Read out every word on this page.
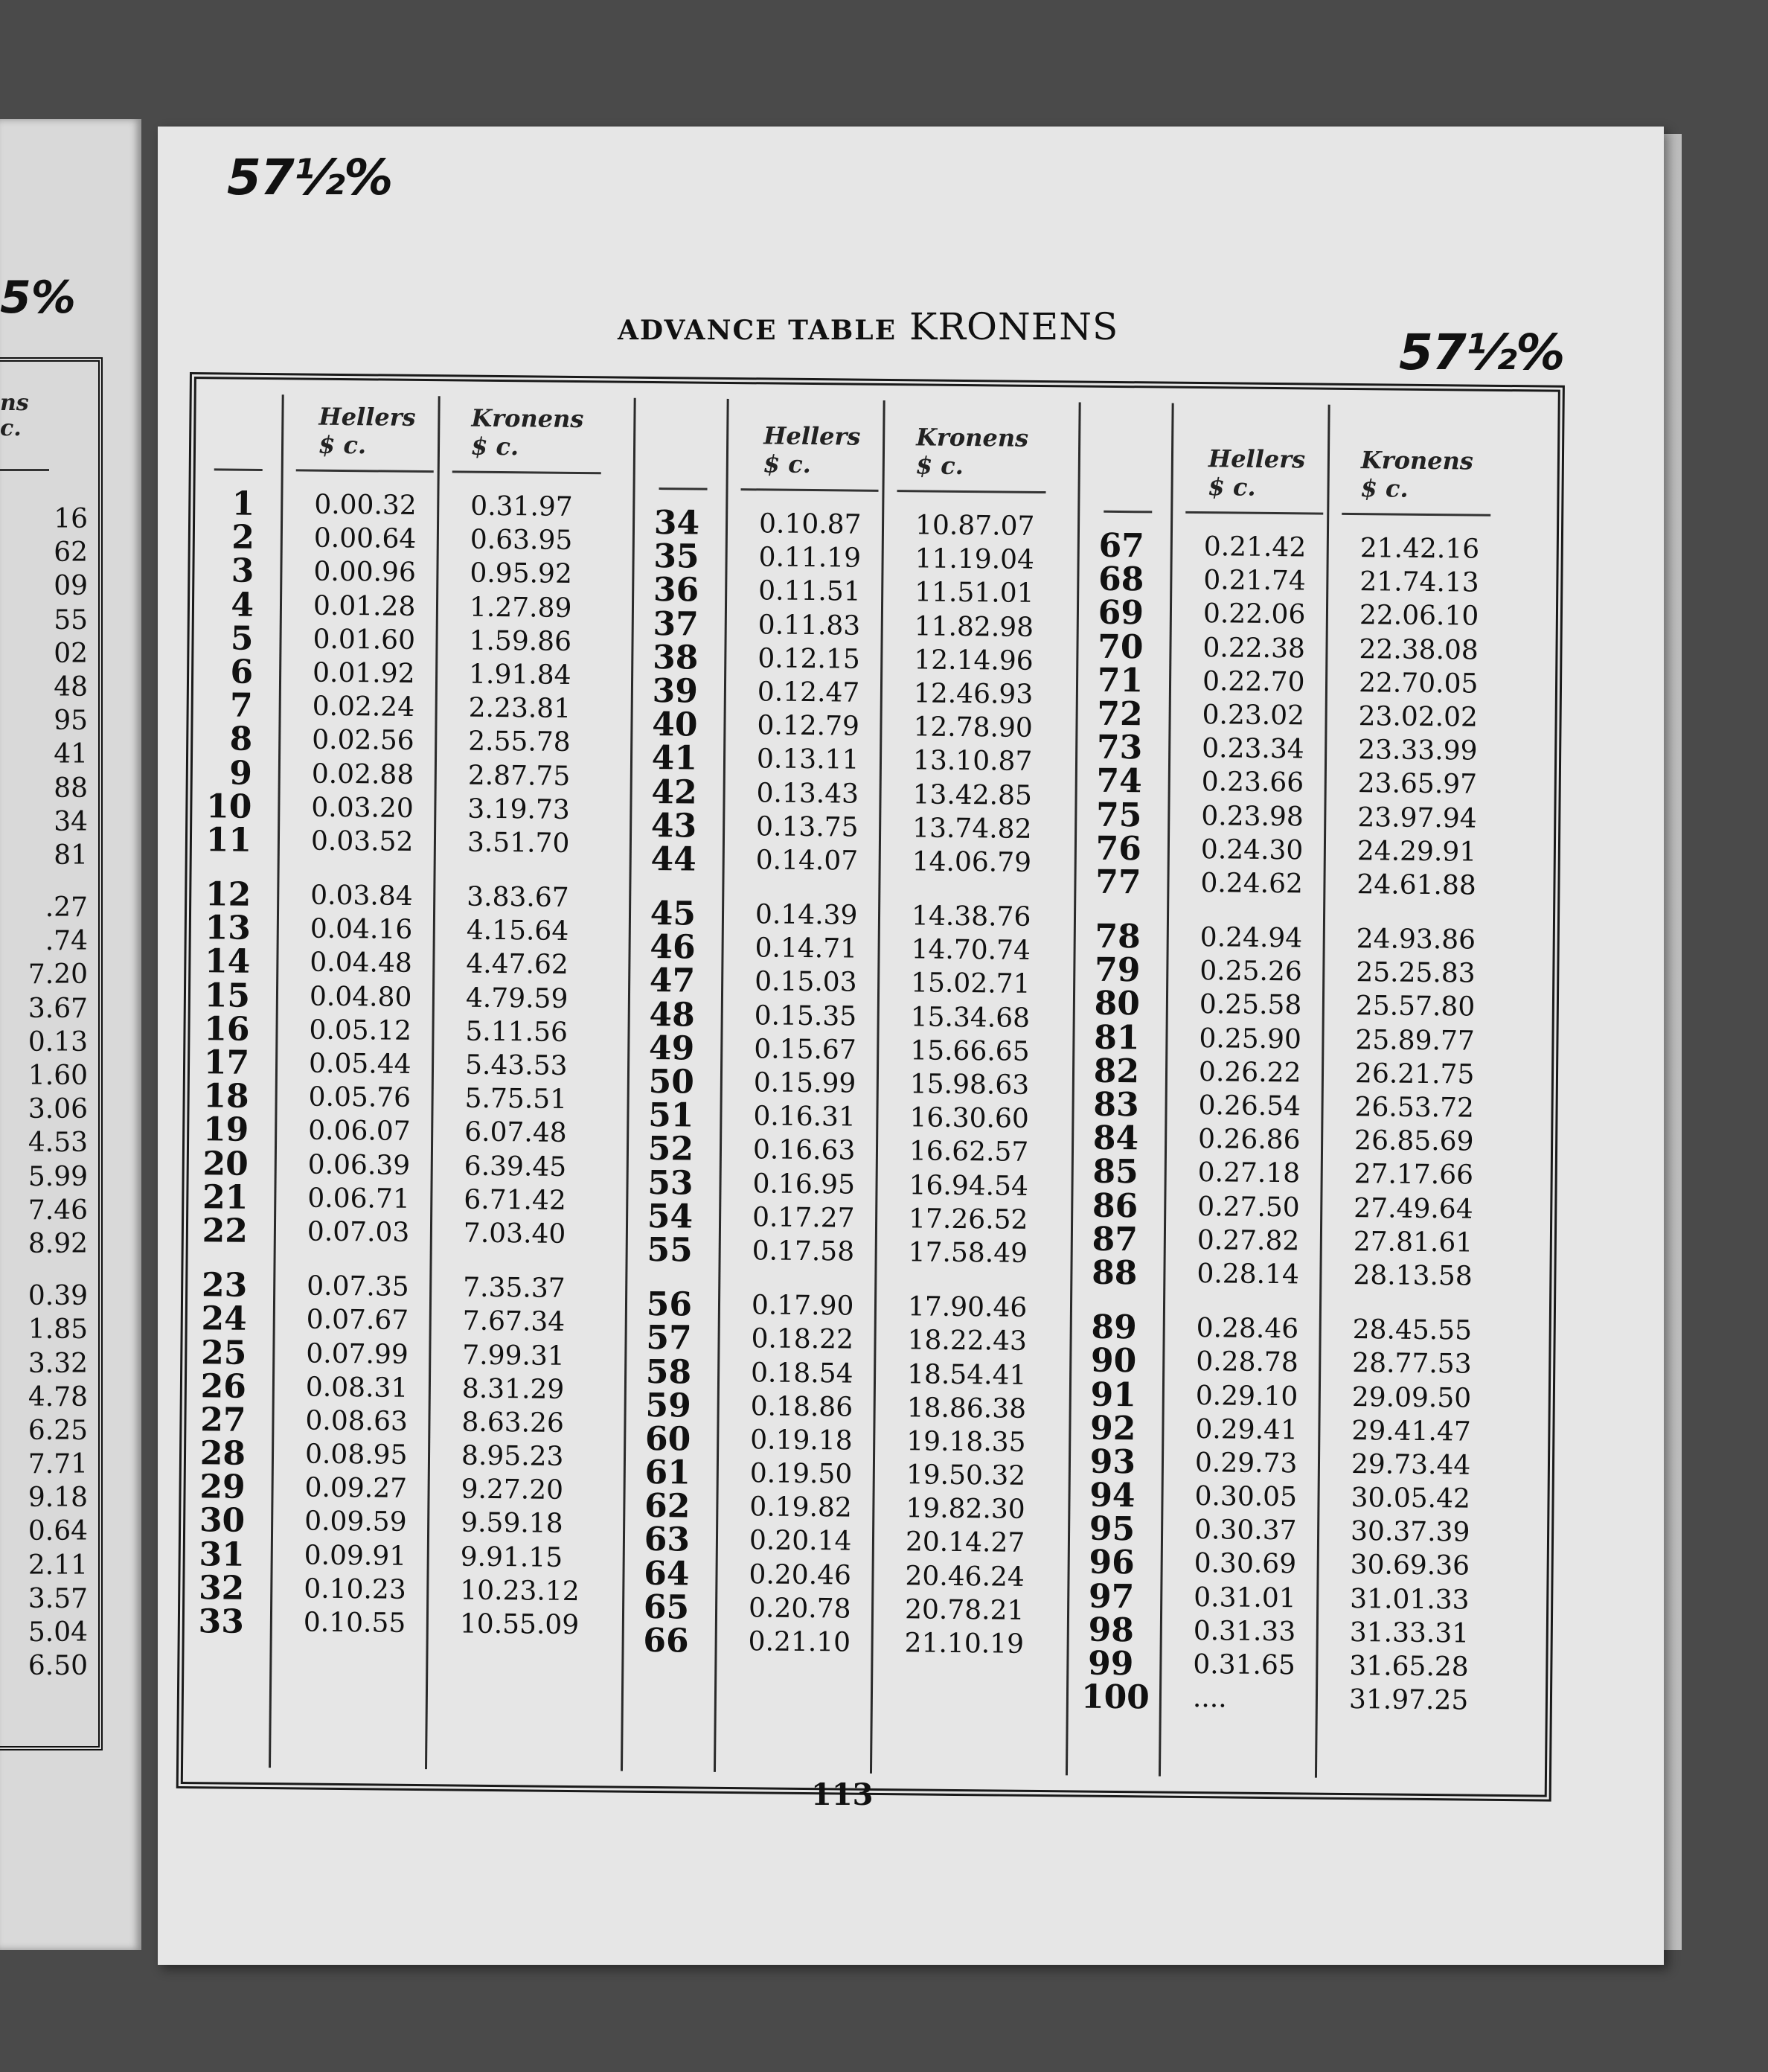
5%
ns
c.
16
62
09
55
02
48
95
41
88
34
81
.27
.74
7.20
3.67
0.13
1.60
3.06
4.53
5.99
7.46
8.92
0.39
1.85
3.32
4.78
6.25
7.71
9.18
0.64
2.11
3.57
5.04
6.50
57½%
57½%
ADVANCE TABLE KRONENS
Hellers
$ c.
Kronens
$ c.
1
2
3
4
5
6
7
8
9
10
11
12
13
14
15
16
17
18
19
20
21
22
23
24
25
26
27
28
29
30
31
32
33
0.00.32
0.00.64
0.00.96
0.01.28
0.01.60
0.01.92
0.02.24
0.02.56
0.02.88
0.03.20
0.03.52
0.03.84
0.04.16
0.04.48
0.04.80
0.05.12
0.05.44
0.05.76
0.06.07
0.06.39
0.06.71
0.07.03
0.07.35
0.07.67
0.07.99
0.08.31
0.08.63
0.08.95
0.09.27
0.09.59
0.09.91
0.10.23
0.10.55
0.31.97
0.63.95
0.95.92
1.27.89
1.59.86
1.91.84
2.23.81
2.55.78
2.87.75
3.19.73
3.51.70
3.83.67
4.15.64
4.47.62
4.79.59
5.11.56
5.43.53
5.75.51
6.07.48
6.39.45
6.71.42
7.03.40
7.35.37
7.67.34
7.99.31
8.31.29
8.63.26
8.95.23
9.27.20
9.59.18
9.91.15
10.23.12
10.55.09
Hellers
$ c.
Kronens
$ c.
34
35
36
37
38
39
40
41
42
43
44
45
46
47
48
49
50
51
52
53
54
55
56
57
58
59
60
61
62
63
64
65
66
0.10.87
0.11.19
0.11.51
0.11.83
0.12.15
0.12.47
0.12.79
0.13.11
0.13.43
0.13.75
0.14.07
0.14.39
0.14.71
0.15.03
0.15.35
0.15.67
0.15.99
0.16.31
0.16.63
0.16.95
0.17.27
0.17.58
0.17.90
0.18.22
0.18.54
0.18.86
0.19.18
0.19.50
0.19.82
0.20.14
0.20.46
0.20.78
0.21.10
10.87.07
11.19.04
11.51.01
11.82.98
12.14.96
12.46.93
12.78.90
13.10.87
13.42.85
13.74.82
14.06.79
14.38.76
14.70.74
15.02.71
15.34.68
15.66.65
15.98.63
16.30.60
16.62.57
16.94.54
17.26.52
17.58.49
17.90.46
18.22.43
18.54.41
18.86.38
19.18.35
19.50.32
19.82.30
20.14.27
20.46.24
20.78.21
21.10.19
Hellers
$ c.
Kronens
$ c.
67
68
69
70
71
72
73
74
75
76
77
78
79
80
81
82
83
84
85
86
87
88
89
90
91
92
93
94
95
96
97
98
99
100
0.21.42
0.21.74
0.22.06
0.22.38
0.22.70
0.23.02
0.23.34
0.23.66
0.23.98
0.24.30
0.24.62
0.24.94
0.25.26
0.25.58
0.25.90
0.26.22
0.26.54
0.26.86
0.27.18
0.27.50
0.27.82
0.28.14
0.28.46
0.28.78
0.29.10
0.29.41
0.29.73
0.30.05
0.30.37
0.30.69
0.31.01
0.31.33
0.31.65
....
21.42.16
21.74.13
22.06.10
22.38.08
22.70.05
23.02.02
23.33.99
23.65.97
23.97.94
24.29.91
24.61.88
24.93.86
25.25.83
25.57.80
25.89.77
26.21.75
26.53.72
26.85.69
27.17.66
27.49.64
27.81.61
28.13.58
28.45.55
28.77.53
29.09.50
29.41.47
29.73.44
30.05.42
30.37.39
30.69.36
31.01.33
31.33.31
31.65.28
31.97.25
113
